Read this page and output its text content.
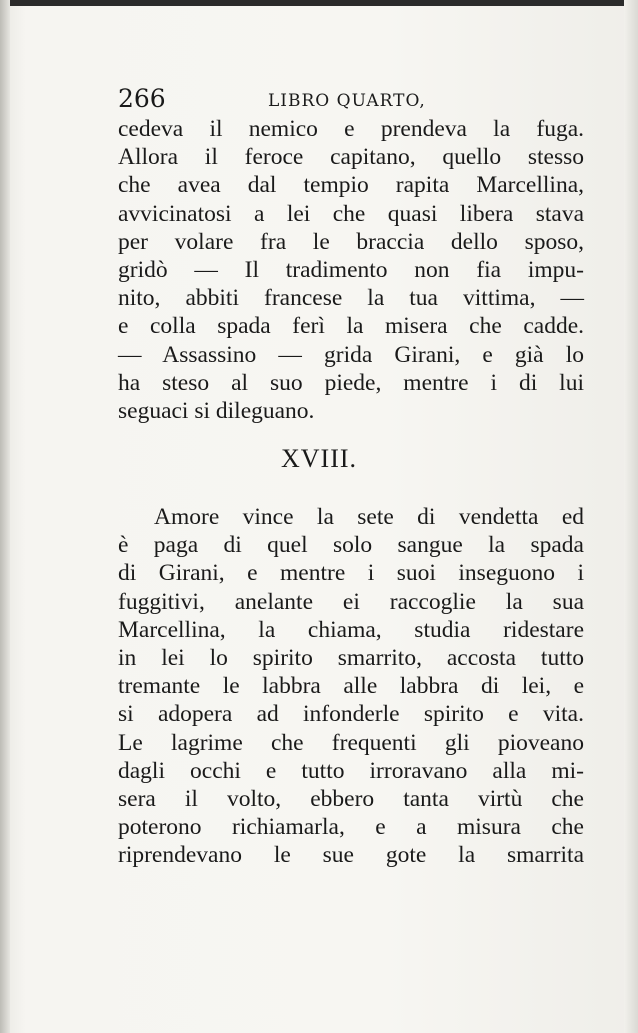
266	LIBRO QUARTO,
cedeva il nemico e prendeva la fuga.
Allora il feroce capitano, quello stesso
che avea dal tempio rapita Marcellina,
avvicinatosi a lei che quasi libera stava
per volare fra le braccia dello sposo,
gridò — Il tradimento non fia impu-
nito, abbiti francese la tua vittima, —
e colla spada ferì la misera che cadde.
— Assassino — grida Girani, e già lo
ha steso al suo piede, mentre i di lui
seguaci si dileguano.
XVIII.
Amore vince la sete di vendetta ed
è paga di quel solo sangue la spada
di Girani, e mentre i suoi inseguono i
fuggitivi, anelante ei raccoglie la sua
Marcellina, la chiama, studia ridestare
in lei lo spirito smarrito, accosta tutto
tremante le labbra alle labbra di lei, e
si adopera ad infonderle spirito e vita.
Le lagrime che frequenti gli pioveano
dagli occhi e tutto irroravano alla mi-
sera il volto, ebbero tanta virtù che
poterono richiamarla, e a misura che
riprendevano le sue gote la smarrita
